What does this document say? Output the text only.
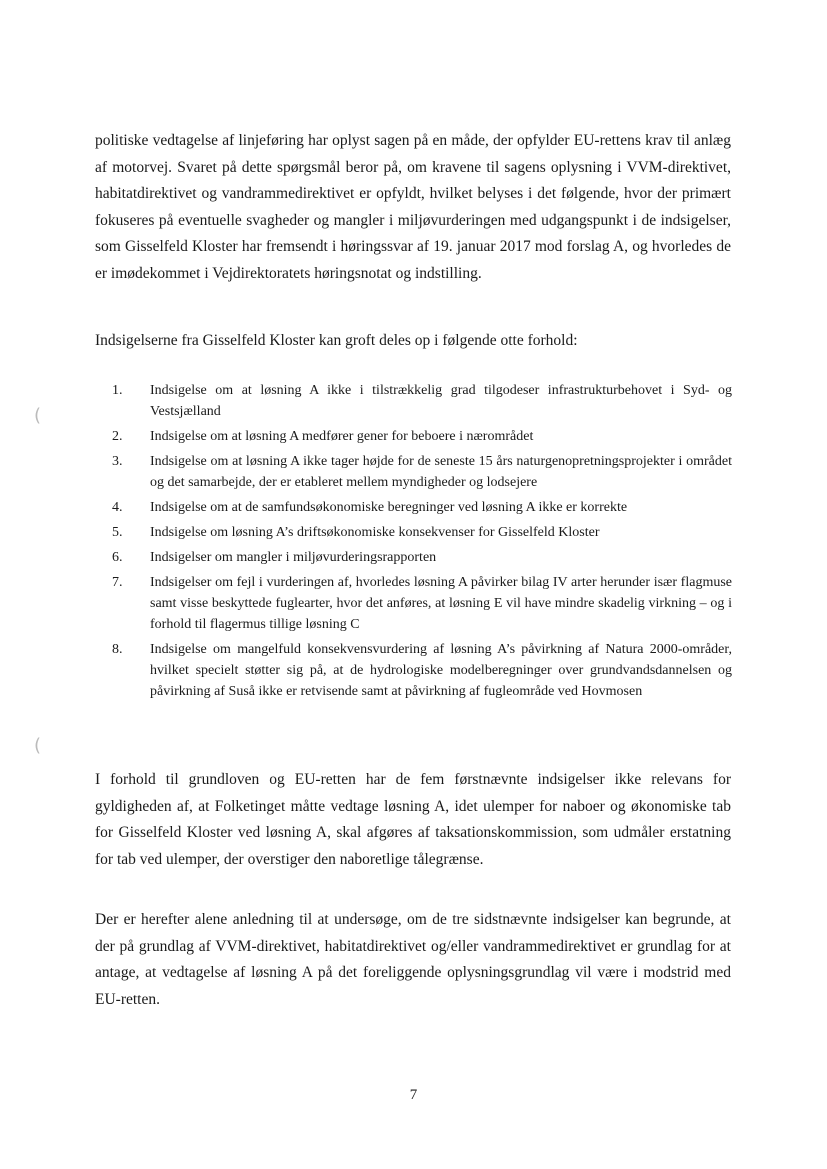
(
(

politiske vedtagelse af linjeføring har oplyst sagen på en måde, der opfylder EU-rettens krav til anlæg af motorvej. Svaret på dette spørgsmål beror på, om kravene til sagens oplysning i VVM-direktivet, habitatdirektivet og vandrammedirektivet er opfyldt, hvilket belyses i det følgende, hvor der primært fokuseres på eventuelle svagheder og mangler i miljøvurderingen med udgangspunkt i de indsigelser, som Gisselfeld Kloster har fremsendt i høringssvar af 19. januar 2017 mod forslag A, og hvorledes de er imødekommet i Vejdirektoratets høringsnotat og indstilling.

Indsigelserne fra Gisselfeld Kloster kan groft deles op i følgende otte forhold:

1.	Indsigelse om at løsning A ikke i tilstrækkelig grad tilgodeser infrastrukturbehovet i Syd- og Vestsjælland
2.	Indsigelse om at løsning A medfører gener for beboere i nærområdet
3.	Indsigelse om at løsning A ikke tager højde for de seneste 15 års naturgenopretningsprojekter i området og det samarbejde, der er etableret mellem myndigheder og lodsejere
4.	Indsigelse om at de samfundsøkonomiske beregninger ved løsning A ikke er korrekte
5.	Indsigelse om løsning A’s driftsøkonomiske konsekvenser for Gisselfeld Kloster
6.	Indsigelser om mangler i miljøvurderingsrapporten
7.	Indsigelser om fejl i vurderingen af, hvorledes løsning A påvirker bilag IV arter herunder især flagmuse samt visse beskyttede fuglearter, hvor det anføres, at løsning E vil have mindre skadelig virkning – og i forhold til flagermus tillige løsning C
8.	Indsigelse om mangelfuld konsekvensvurdering af løsning A’s påvirkning af Natura 2000-områder, hvilket specielt støtter sig på, at de hydrologiske modelberegninger over grundvandsdannelsen og påvirkning af Suså ikke er retvisende samt at påvirkning af fugleområde ved Hovmosen

I forhold til grundloven og EU-retten har de fem førstnævnte indsigelser ikke relevans for gyldigheden af, at Folketinget måtte vedtage løsning A, idet ulemper for naboer og økonomiske tab for Gisselfeld Kloster ved løsning A, skal afgøres af taksationskommission, som udmåler erstatning for tab ved ulemper, der overstiger den naboretlige tålegrænse.

Der er herefter alene anledning til at undersøge, om de tre sidstnævnte indsigelser kan begrunde, at der på grundlag af VVM-direktivet, habitatdirektivet og/eller vandrammedirektivet er grundlag for at antage, at vedtagelse af løsning A på det foreliggende oplysningsgrundlag vil være i modstrid med EU-retten.

7
